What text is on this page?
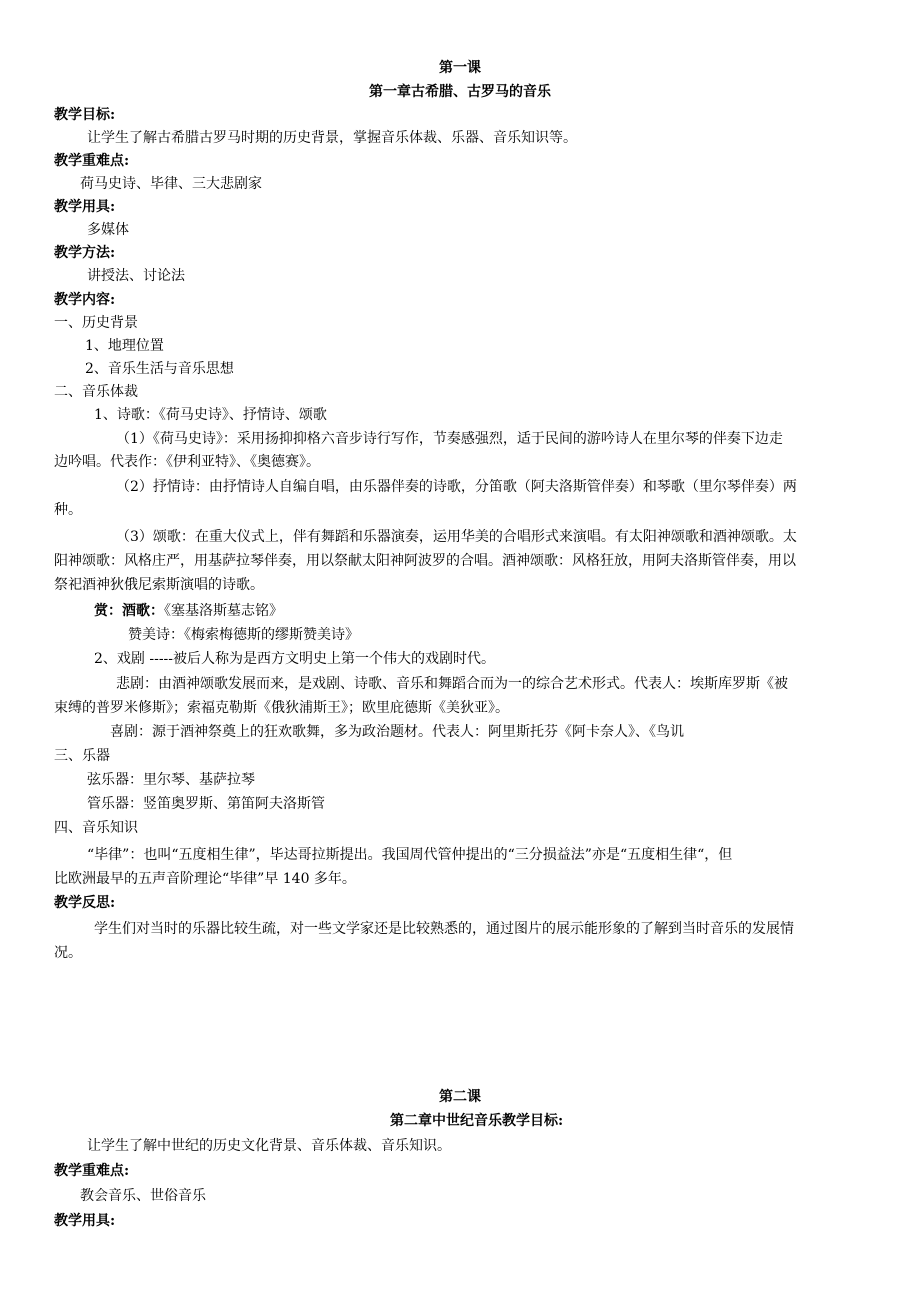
第一课
第一章古希腊、古罗马的音乐
教学目标:
让学生了解古希腊古罗马时期的历史背景，掌握音乐体裁、乐器、音乐知识等。
教学重难点:
荷马史诗、毕律、三大悲剧家
教学用具:
多媒体
教学方法:
讲授法、讨论法
教学内容:
一、历史背景
1、地理位置
2、音乐生活与音乐思想
二、音乐体裁
1、诗歌：《荷马史诗》、抒情诗、颂歌
（1）《荷马史诗》：采用扬抑抑格六音步诗行写作，节奏感强烈，适于民间的游吟诗人在里尔琴的伴奏下边走
边吟唱。代表作：《伊利亚特》、《奥德赛》。
（2）抒情诗：由抒情诗人自编自唱，由乐器伴奏的诗歌，分笛歌（阿夫洛斯管伴奏）和琴歌（里尔琴伴奏）两
种。
（3）颂歌：在重大仪式上，伴有舞蹈和乐器演奏，运用华美的合唱形式来演唱。有太阳神颂歌和酒神颂歌。太
阳神颂歌：风格庄严，用基萨拉琴伴奏，用以祭献太阳神阿波罗的合唱。酒神颂歌：风格狂放，用阿夫洛斯管伴奏，用以
祭祀酒神狄俄尼索斯演唱的诗歌。
赏：酒歌：《塞基洛斯墓志铭》
赞美诗：《梅索梅德斯的缪斯赞美诗》
2、戏剧 -----被后人称为是西方文明史上第一个伟大的戏剧时代。
悲剧：由酒神颂歌发展而来，是戏剧、诗歌、音乐和舞蹈合而为一的综合艺术形式。代表人：埃斯库罗斯《被
束缚的普罗米修斯》；索福克勒斯《俄狄浦斯王》；欧里庇德斯《美狄亚》。
喜剧：源于酒神祭奠上的狂欢歌舞，多为政治题材。代表人：阿里斯托芬《阿卡奈人》、《鸟讥
三、乐器
弦乐器：里尔琴、基萨拉琴
管乐器：竖笛奥罗斯、第笛阿夫洛斯管
四、音乐知识
“毕律”：也叫“五度相生律”，毕达哥拉斯提出。我国周代管仲提出的“三分损益法”亦是“五度相生律“，但
比欧洲最早的五声音阶理论“毕律”早 140 多年。
教学反思:
学生们对当时的乐器比较生疏，对一些文学家还是比较熟悉的，通过图片的展示能形象的了解到当时音乐的发展情
况。
第二课
第二章中世纪音乐教学目标:
让学生了解中世纪的历史文化背景、音乐体裁、音乐知识。
教学重难点:
教会音乐、世俗音乐
教学用具:
